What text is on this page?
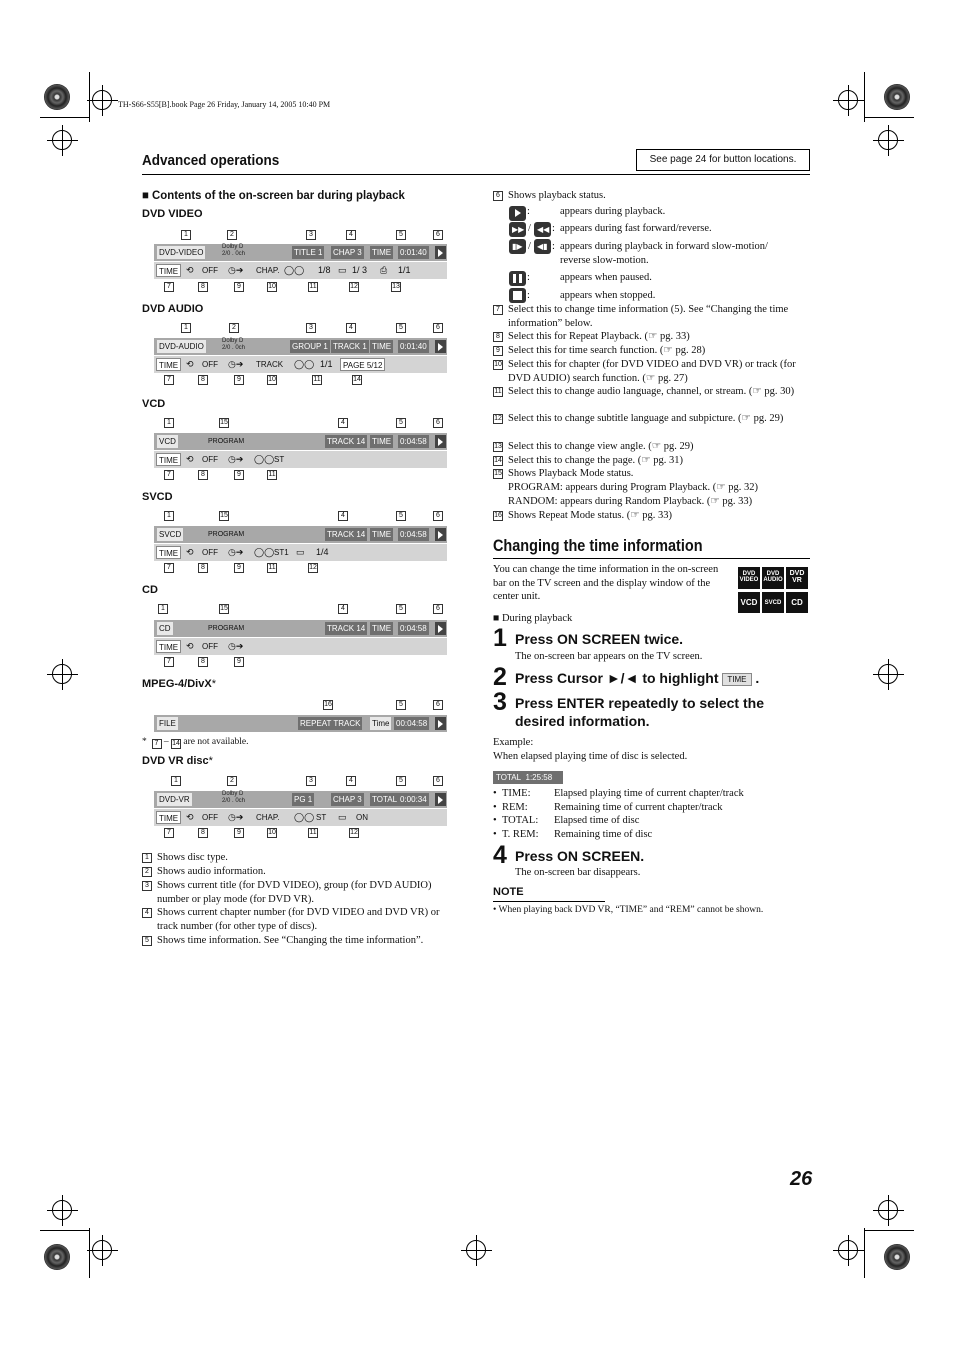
TH-S66-S55[B].book Page 26 Friday, January 14, 2005 10:40 PM
Advanced operations	See page 24 for button locations.
■ Contents of the on-screen bar during playback
DVD VIDEO
1	2	3	4	5	6
DVD-VIDEO
Dolby D
2/0 . 0ch	TITLE 1 CHAP 3 TIME 0:01:40
TIME ⟲ OFF ◷➔ CHAP. ◯◯ 1/8 ▭ 1/ 3 ⎙ 1/1
7	8	9	10	11	12	13
DVD AUDIO
1	2	3	4	5	6
DVD-AUDIO
Dolby D
2/0 . 0ch	GROUP 1 TRACK 1 TIME 0:01:40
TIME ⟲ OFF ◷➔ TRACK ◯◯ 1/1	PAGE 5/12
7	8	9	10	11	14
VCD
1	15	4	5	6
VCD	PROGRAM	TRACK 14 TIME 0:04:58
TIME ⟲ OFF ◷➔ ◯◯ ST
7	8	9	11
SVCD
1	15	4	5	6
SVCD	PROGRAM	TRACK 14 TIME 0:04:58
TIME ⟲ OFF ◷➔ ◯◯ ST1 ▭ 1/4
7	8	9	11	12
CD
1	15	4	5	6
CD	PROGRAM	TRACK 14 TIME 0:04:58
TIME ⟲ OFF ◷➔
7	8	9
MPEG-4/DivX*
16	5	6
FILE	REPEAT TRACK Time 00:04:58
* 7 – 14 are not available.
DVD VR disc*
1	2	3	4	5	6
DVD-VR
Dolby D
2/0 . 0ch	PG 1	CHAP 3 TOTAL 0:00:34
TIME ⟲ OFF ◷➔ CHAP. ◯◯ ST ▭ ON
7	8	9	10	11	12
1 Shows disc type.
2 Shows audio information.
3 Shows current title (for DVD VIDEO), group (for DVD AUDIO) number or play mode (for DVD VR).
4 Shows current chapter number (for DVD VIDEO and DVD VR) or track number (for other type of discs).
5 Shows time information. See “Changing the time information”.
6 Shows playback status.
:	appears during playback.
▶▶ / ◀◀ : appears during fast forward/reverse.
▮▶ / ◀▮ : appears during playback in forward slow-motion/ reverse slow-motion.
:	appears when paused.
:	appears when stopped.
7 Select this to change time information (5). See “Changing the time information” below.
8 Select this for Repeat Playback. (☞ pg. 33)
9 Select this for time search function. (☞ pg. 28)
10 Select this for chapter (for DVD VIDEO and DVD VR) or track (for DVD AUDIO) search function. (☞ pg. 27)
11 Select this to change audio language, channel, or stream. (☞ pg. 30)
12 Select this to change subtitle language and subpicture. (☞ pg. 29)
13 Select this to change view angle. (☞ pg. 29)
14 Select this to change the page. (☞ pg. 31)
15 Shows Playback Mode status.
PROGRAM: appears during Program Playback. (☞ pg. 32)
RANDOM: appears during Random Playback. (☞ pg. 33)
16 Shows Repeat Mode status. (☞ pg. 33)
Changing the time information
You can change the time information in the on-screen bar on the TV screen and the display window of the center unit.
DVD
VIDEO
DVD
AUDIO
DVD
VR
VCD	SVCD	CD
■ During playback
1 Press ON SCREEN twice.
The on-screen bar appears on the TV screen.
2 Press Cursor ►/◄ to highlight TIME .
3 Press ENTER repeatedly to select the desired information.
Example:
When elapsed playing time of disc is selected.
TOTAL 1:25:58
•  TIME: Elapsed playing time of current chapter/track
•  REM:	Remaining time of current chapter/track
•  TOTAL: Elapsed time of disc
•  T. REM: Remaining time of disc
4 Press ON SCREEN.
The on-screen bar disappears.
NOTE
• When playing back DVD VR, “TIME” and “REM” cannot be shown.
26
